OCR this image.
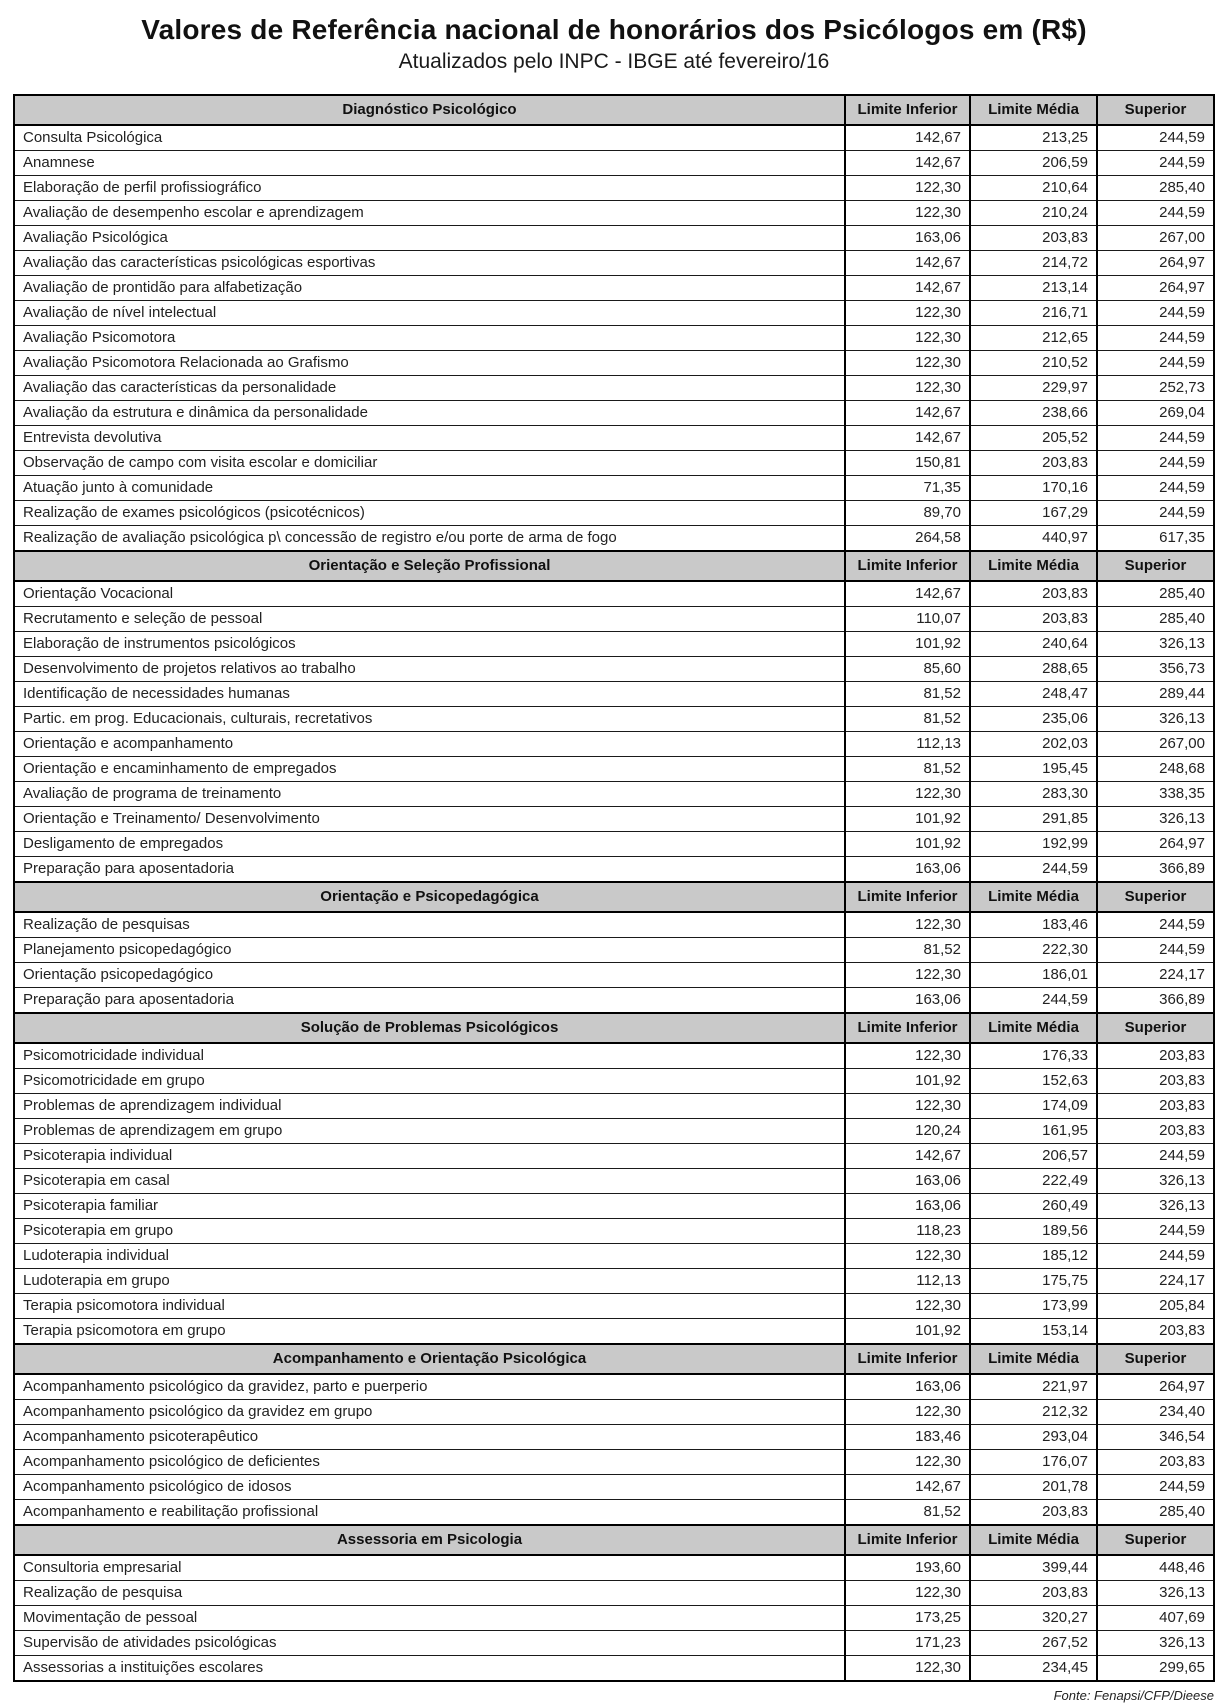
Valores de Referência nacional de honorários dos Psicólogos em (R$)
Atualizados pelo INPC - IBGE até fevereiro/16
Diagnóstico Psicológico	Limite Inferior	Limite Média	Superior
Consulta Psicológica	142,67	213,25	244,59
Anamnese	142,67	206,59	244,59
Elaboração de perfil profissiográfico	122,30	210,64	285,40
Avaliação de desempenho escolar e aprendizagem	122,30	210,24	244,59
Avaliação Psicológica	163,06	203,83	267,00
Avaliação das características psicológicas esportivas	142,67	214,72	264,97
Avaliação de prontidão para alfabetização	142,67	213,14	264,97
Avaliação de nível intelectual	122,30	216,71	244,59
Avaliação Psicomotora	122,30	212,65	244,59
Avaliação Psicomotora Relacionada ao Grafismo	122,30	210,52	244,59
Avaliação das características da personalidade	122,30	229,97	252,73
Avaliação da estrutura e dinâmica da personalidade	142,67	238,66	269,04
Entrevista devolutiva	142,67	205,52	244,59
Observação de campo com visita escolar e domiciliar	150,81	203,83	244,59
Atuação junto à comunidade	71,35	170,16	244,59
Realização de exames psicológicos (psicotécnicos)	89,70	167,29	244,59
Realização de avaliação psicológica p\ concessão de registro e/ou porte de arma de fogo	264,58	440,97	617,35
Orientação e Seleção Profissional	Limite Inferior	Limite Média	Superior
Orientação Vocacional	142,67	203,83	285,40
Recrutamento e seleção de pessoal	110,07	203,83	285,40
Elaboração de instrumentos psicológicos	101,92	240,64	326,13
Desenvolvimento de projetos relativos ao trabalho	85,60	288,65	356,73
Identificação de necessidades humanas	81,52	248,47	289,44
Partic. em prog. Educacionais, culturais, recretativos	81,52	235,06	326,13
Orientação e acompanhamento	112,13	202,03	267,00
Orientação e encaminhamento de empregados	81,52	195,45	248,68
Avaliação de programa de treinamento	122,30	283,30	338,35
Orientação e Treinamento/ Desenvolvimento	101,92	291,85	326,13
Desligamento de empregados	101,92	192,99	264,97
Preparação para aposentadoria	163,06	244,59	366,89
Orientação e Psicopedagógica	Limite Inferior	Limite Média	Superior
Realização de pesquisas	122,30	183,46	244,59
Planejamento psicopedagógico	81,52	222,30	244,59
Orientação psicopedagógico	122,30	186,01	224,17
Preparação para aposentadoria	163,06	244,59	366,89
Solução de Problemas Psicológicos	Limite Inferior	Limite Média	Superior
Psicomotricidade individual	122,30	176,33	203,83
Psicomotricidade em grupo	101,92	152,63	203,83
Problemas de aprendizagem individual	122,30	174,09	203,83
Problemas de aprendizagem em grupo	120,24	161,95	203,83
Psicoterapia individual	142,67	206,57	244,59
Psicoterapia em casal	163,06	222,49	326,13
Psicoterapia familiar	163,06	260,49	326,13
Psicoterapia em grupo	118,23	189,56	244,59
Ludoterapia individual	122,30	185,12	244,59
Ludoterapia em grupo	112,13	175,75	224,17
Terapia psicomotora individual	122,30	173,99	205,84
Terapia psicomotora em grupo	101,92	153,14	203,83
Acompanhamento e Orientação Psicológica	Limite Inferior	Limite Média	Superior
Acompanhamento psicológico da gravidez, parto e puerperio	163,06	221,97	264,97
Acompanhamento psicológico da gravidez em grupo	122,30	212,32	234,40
Acompanhamento psicoterapêutico	183,46	293,04	346,54
Acompanhamento psicológico de deficientes	122,30	176,07	203,83
Acompanhamento psicológico de idosos	142,67	201,78	244,59
Acompanhamento e reabilitação profissional	81,52	203,83	285,40
Assessoria em Psicologia	Limite Inferior	Limite Média	Superior
Consultoria empresarial	193,60	399,44	448,46
Realização de pesquisa	122,30	203,83	326,13
Movimentação de pessoal	173,25	320,27	407,69
Supervisão de atividades psicológicas	171,23	267,52	326,13
Assessorias a instituições escolares	122,30	234,45	299,65
Fonte: Fenapsi/CFP/Dieese
